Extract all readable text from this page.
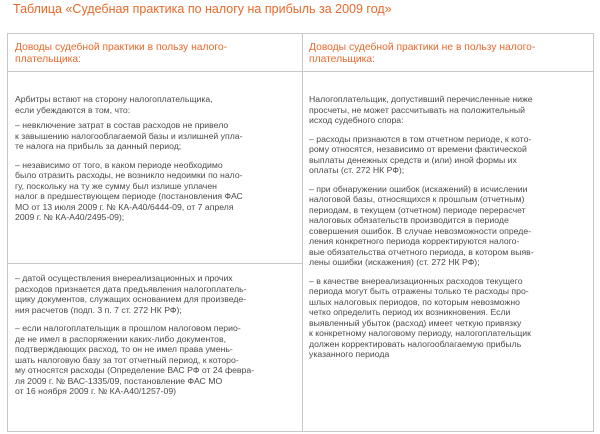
Таблица «Судебная практика по налогу на прибыль за 2009 год»
Доводы судебной практики в пользу налого- плательщика:
Доводы судебной практики не в пользу налого- плательщика:

Арбитры встают на сторону налогоплательщика,
если убеждаются в том, что:

– невключение затрат в состав расходов не привело
к завышению налогооблагаемой базы и излишней упла-
те налога на прибыль за данный период;

– независимо от того, в каком периоде необходимо
было отразить расходы, не возникло недоимки по нало-
гу, поскольку на ту же сумму был излише уплачен
налог в предшествующем периоде (постановления ФАС
МО от 13 июля 2009 г. № КА-А40/6444-09, от 7 апреля
2009 г. № КА-А40/2495-09);

– датой осуществления внереализационных и прочих
расходов признается дата предъявления налогоплатель-
щику документов, служащих основанием для произведе-
ния расчетов (подп. 3 п. 7 ст. 272 НК РФ);

– если налогоплательщик в прошлом налоговом перио-
де не имел в распоряжении каких-либо документов,
подтверждающих расход, то он не имел права умень-
шать налоговую базу за тот отчетный период, к которо-
му относятся расходы (Определение ВАС РФ от 24 февра-
ля 2009 г. № ВАС-1335/09, постановление ФАС МО
от 16 ноября 2009 г. № КА-А40/1257-09)

Налогоплательщик, допустивший перечисленные ниже
просчеты, не может рассчитывать на положительный
исход судебного спора:

– расходы признаются в том отчетном периоде, к кото-
рому относятся, независимо от времени фактической
выплаты денежных средств и (или) иной формы их
оплаты (ст. 272 НК РФ);

– при обнаружении ошибок (искажений) в исчислении
налоговой базы, относящихся к прошлым (отчетным)
периодам, в текущем (отчетном) периоде перерасчет
налоговых обязательств производится в периоде
совершения ошибок. В случае невозможности опреде-
ления конкретного периода корректируются налого-
вые обязательства отчетного периода, в котором выяв-
лены ошибки (искажения) (ст. 272 НК РФ);

– в качестве внереализационных расходов текущего
периода могут быть отражены только те расходы про-
шлых налоговых периодов, по которым невозможно
четко определить период их возникновения. Если
выявленный убыток (расход) имеет четкую привязку
к конкретному налоговому периоду, налогоплательщик
должен корректировать налогооблагаемую прибыль
указанного периода
